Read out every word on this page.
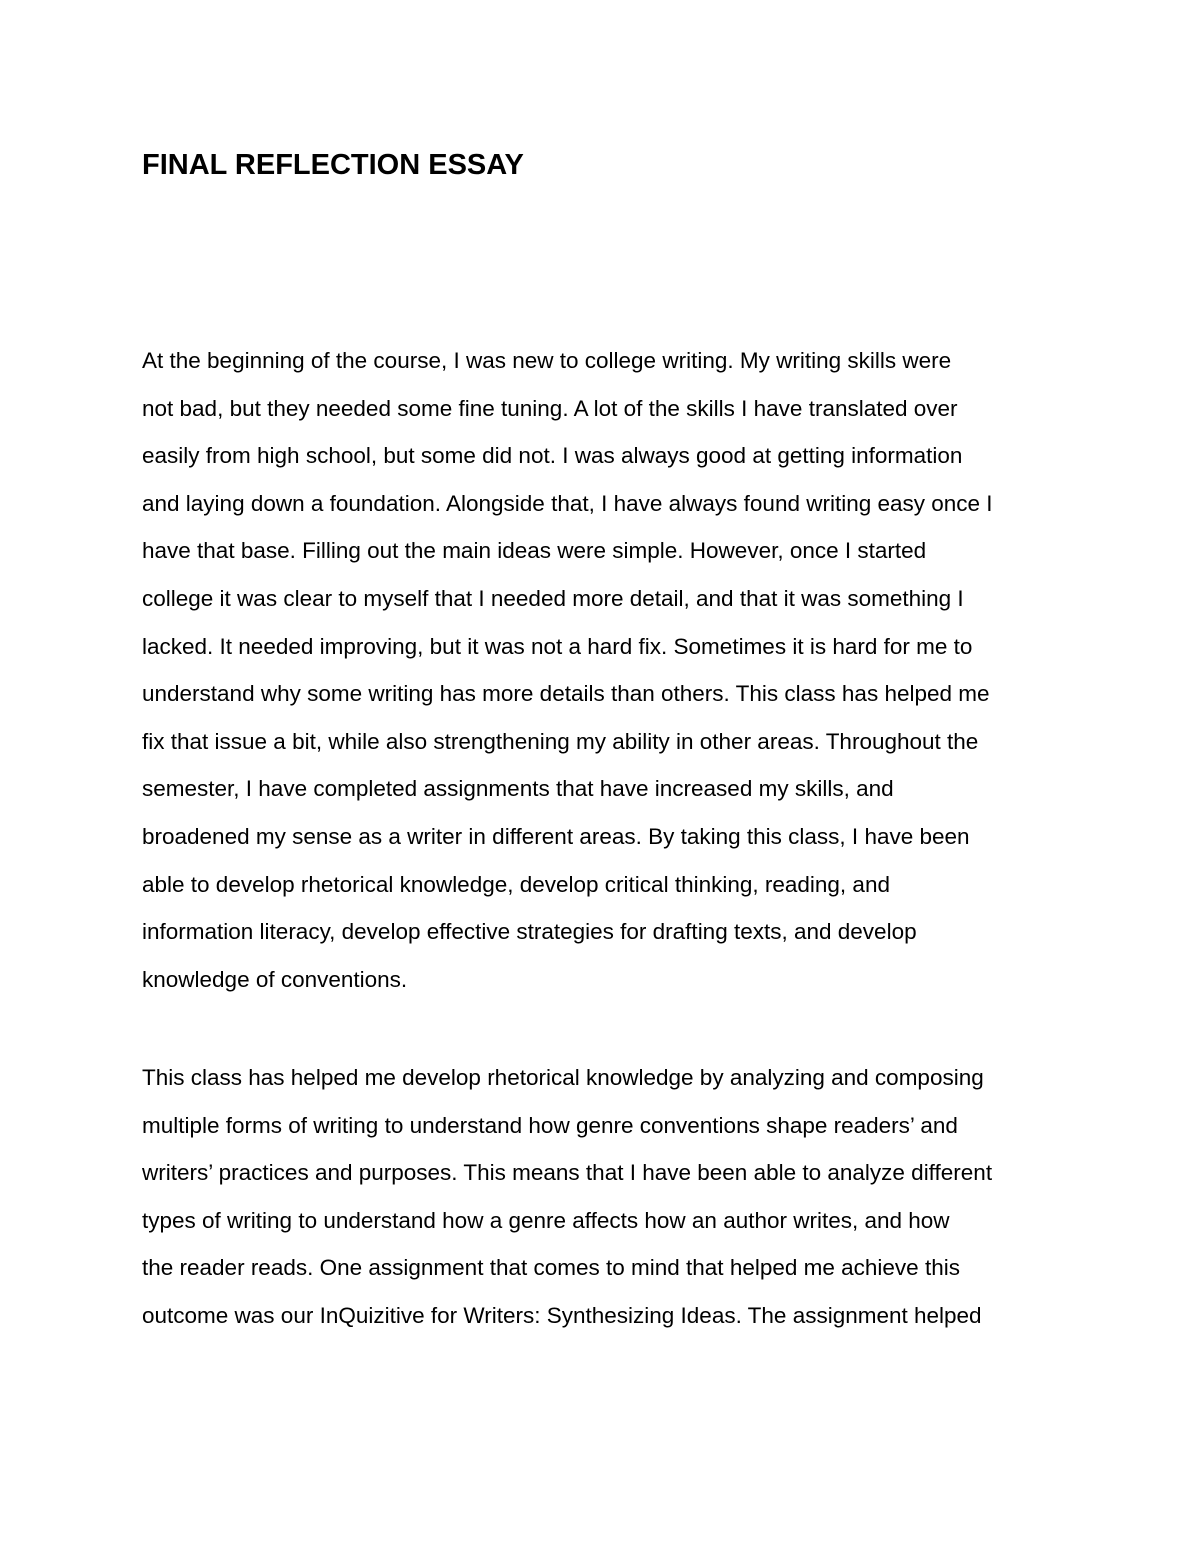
FINAL REFLECTION ESSAY
At the beginning of the course, I was new to college writing. My writing skills were
not bad, but they needed some fine tuning. A lot of the skills I have translated over
easily from high school, but some did not. I was always good at getting information
and laying down a foundation. Alongside that, I have always found writing easy once I
have that base. Filling out the main ideas were simple. However, once I started
college it was clear to myself that I needed more detail, and that it was something I
lacked. It needed improving, but it was not a hard fix. Sometimes it is hard for me to
understand why some writing has more details than others. This class has helped me
fix that issue a bit, while also strengthening my ability in other areas. Throughout the
semester, I have completed assignments that have increased my skills, and
broadened my sense as a writer in different areas. By taking this class, I have been
able to develop rhetorical knowledge, develop critical thinking, reading, and
information literacy, develop effective strategies for drafting texts, and develop
knowledge of conventions.
This class has helped me develop rhetorical knowledge by analyzing and composing
multiple forms of writing to understand how genre conventions shape readers’ and
writers’ practices and purposes. This means that I have been able to analyze different
types of writing to understand how a genre affects how an author writes, and how
the reader reads. One assignment that comes to mind that helped me achieve this
outcome was our InQuizitive for Writers: Synthesizing Ideas. The assignment helped
